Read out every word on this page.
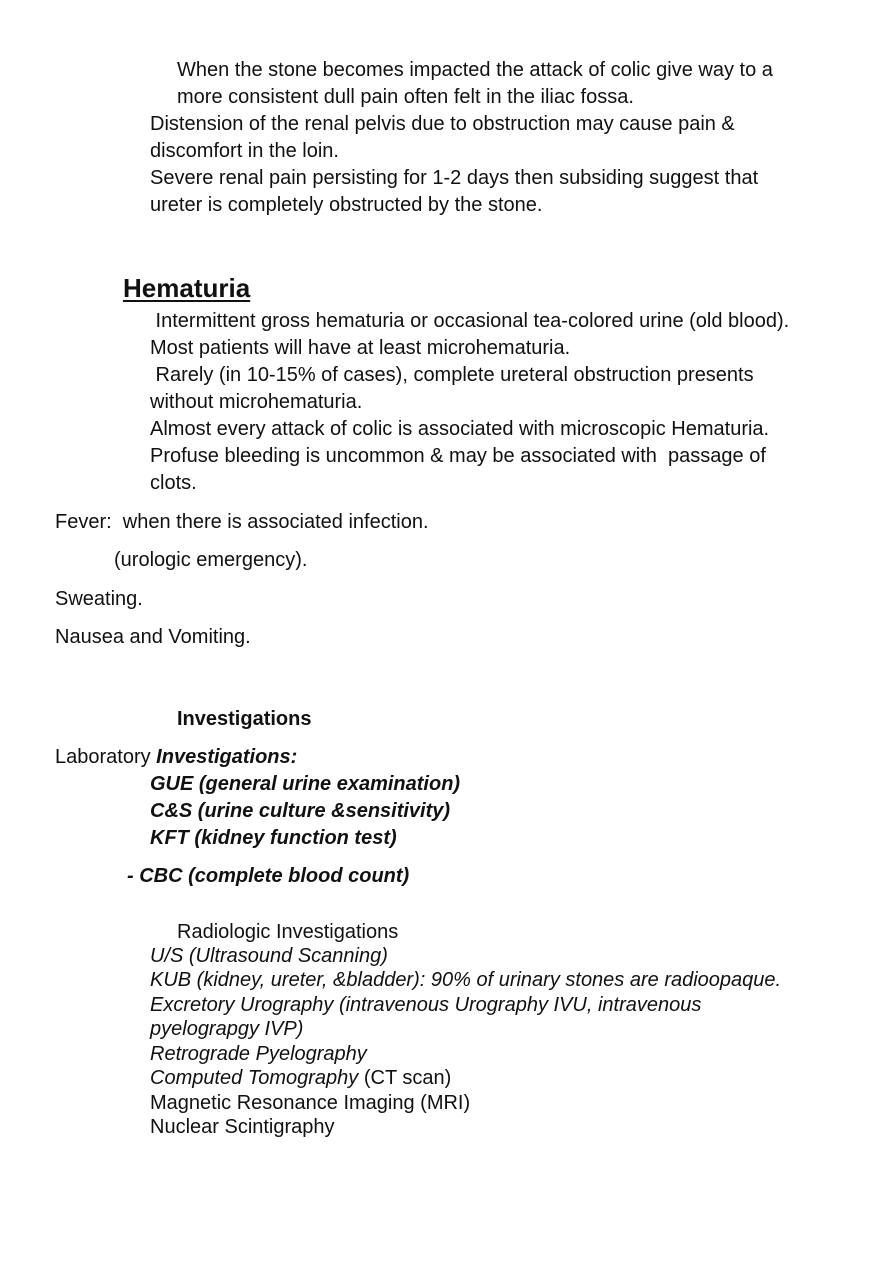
When the stone becomes impacted the attack of colic give way to a
more consistent dull pain often felt in the iliac fossa.
Distension of the renal pelvis due to obstruction may cause pain &
discomfort in the loin.
Severe renal pain persisting for 1-2 days then subsiding suggest that
ureter is completely obstructed by the stone.
Hematuria
Intermittent gross hematuria or occasional tea-colored urine (old blood).
Most patients will have at least microhematuria.
Rarely (in 10-15% of cases), complete ureteral obstruction presents
without microhematuria.
Almost every attack of colic is associated with microscopic Hematuria.
Profuse bleeding is uncommon & may be associated with  passage of
clots.
Fever:  when there is associated infection.
(urologic emergency).
Sweating.
Nausea and Vomiting.
Investigations
Laboratory Investigations:
GUE (general urine examination)
C&S (urine culture &sensitivity)
KFT (kidney function test)
- CBC (complete blood count)
Radiologic Investigations
U/S (Ultrasound Scanning)
KUB (kidney, ureter, &bladder): 90% of urinary stones are radioopaque.
Excretory Urography (intravenous Urography IVU, intravenous
pyelograpgy IVP)
Retrograde Pyelography
Computed Tomography (CT scan)
Magnetic Resonance Imaging (MRI)
Nuclear Scintigraphy
